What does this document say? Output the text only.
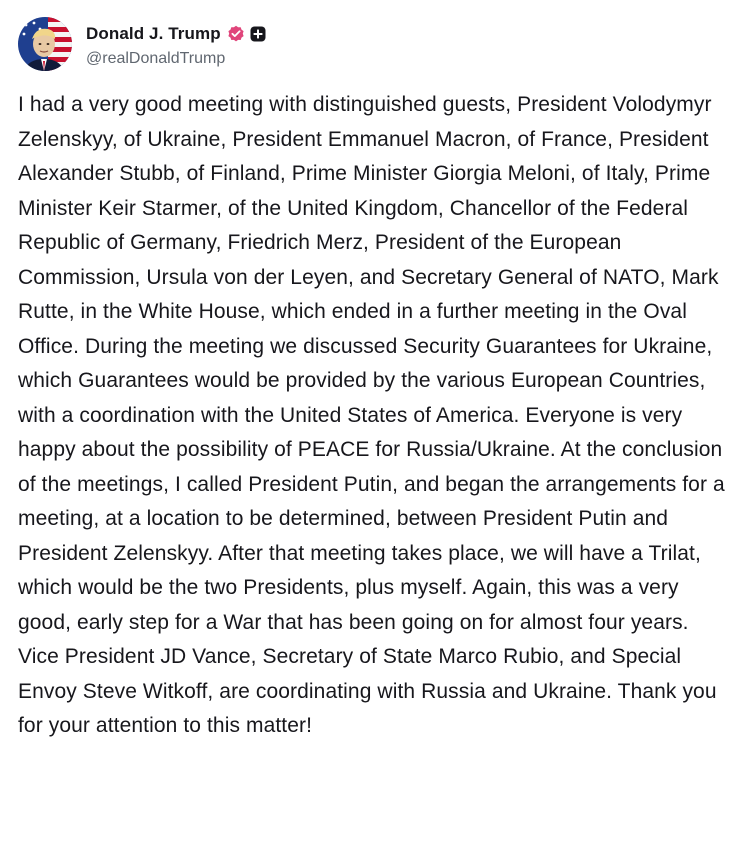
Donald J. Trump
@realDonaldTrump
I had a very good meeting with distinguished guests, President Volodymyr Zelenskyy, of Ukraine, President Emmanuel Macron, of France, President Alexander Stubb, of Finland, Prime Minister Giorgia Meloni, of Italy, Prime Minister Keir Starmer, of the United Kingdom, Chancellor of the Federal Republic of Germany, Friedrich Merz, President of the European Commission, Ursula von der Leyen, and Secretary General of NATO, Mark Rutte, in the White House, which ended in a further meeting in the Oval Office. During the meeting we discussed Security Guarantees for Ukraine, which Guarantees would be provided by the various European Countries, with a coordination with the United States of America. Everyone is very happy about the possibility of PEACE for Russia/Ukraine. At the conclusion of the meetings, I called President Putin, and began the arrangements for a meeting, at a location to be determined, between President Putin and President Zelenskyy. After that meeting takes place, we will have a Trilat, which would be the two Presidents, plus myself. Again, this was a very good, early step for a War that has been going on for almost four years. Vice President JD Vance, Secretary of State Marco Rubio, and Special Envoy Steve Witkoff, are coordinating with Russia and Ukraine. Thank you for your attention to this matter!
